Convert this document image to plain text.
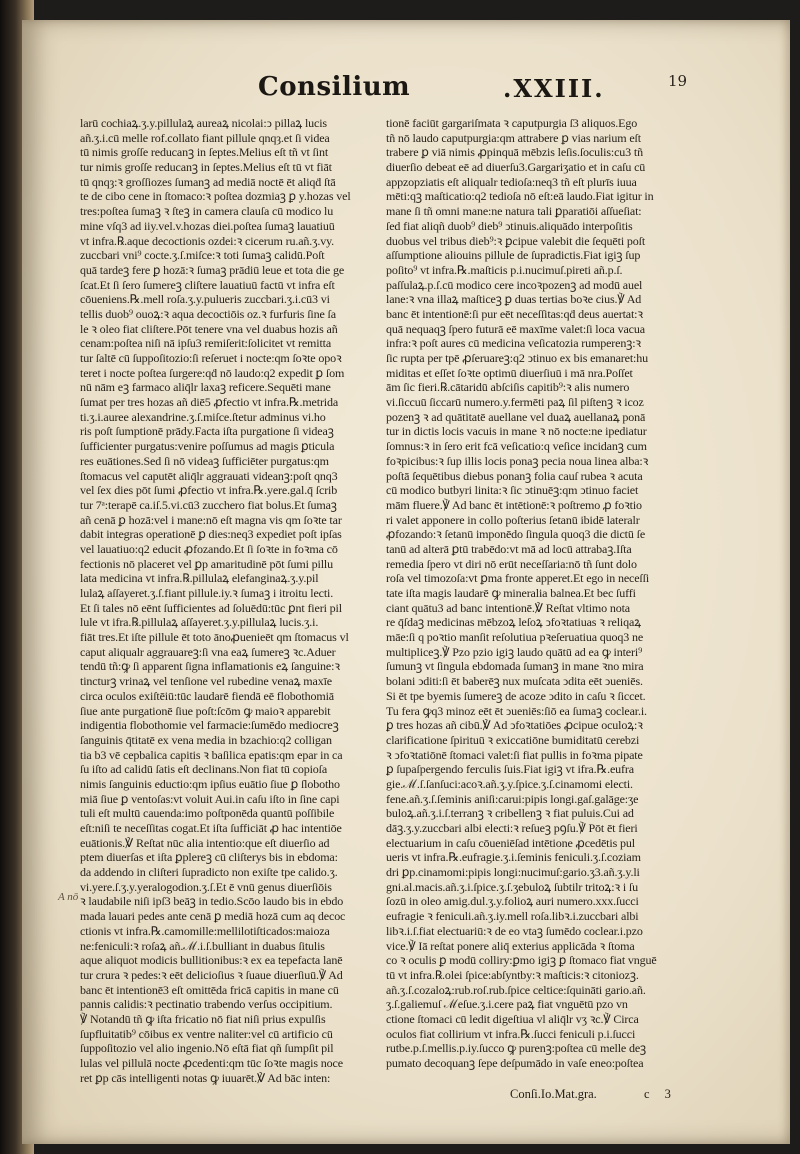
Consilium	.XXIII.	19
A nō
larū cochiaꝝ.ʒ.y.pillulaꝝ aureaꝝ nicolai:ↄ pillaꝝ lucis
añ.ʒ.i.cū melle rof.collato fiant pillule qnqȝ.et ſi videa
tū nimis groſſe reducanꝫ in ſeptes.Melius eſt tñ vt ſint
tur nimis groſſe reducanꝫ in ſeptes.Melius eſt tū vt fiāt
tū qnqȝ:ꝛ groſſiozes ſumanꝫ ad mediā noctē ēt aliqḋ ſtā
te de cibo cene in ſtomaco:ꝛ poſtea dozmiaꝫ ꝑ y.hozas vel
tres:poſtea ſumaꝫ ꝛ ſteꝫ in camera clauſa cū modico lu
mine vſq3 ad iiy.vel.v.hozas diei.poſtea ſumaꝫ lauatiuū
vt infra.℞.aque decoctionis ozdei:ꝛ cicerum ru.añ.ʒ.vy.
zuccbari vni⁹ cocte.ʒ.ſ.miſce:ꝛ toti ſumaꝫ calidū.Poſt
quā tardeꝫ fere ꝑ hozā:ꝛ ſumaꝫ prādiū leue et tota die ge
ſcat.Et ſi ſero ſumereꝫ cliſtere lauatiuū factū vt infra eſt
cōueniens.℞.mell roſa.ʒ.y.pulueris zuccbari.ʒ.i.cū3 vi
tellis duob⁹ ouoꝝ:ꝛ aqua decoctiōis oz.ꝛ furfuris ſine ſa
le ꝛ oleo fiat cliſtere.Pōt tenere vna vel duabus hozis añ
cenam:poſtea niſi nā ipſu3 remiſerit:ſolicitet vt remitta
tur ſaltē cū ſuppoſitozio:ſi reſeruet i nocte:qm ſoꝛte opoꝛ
teret i nocte poſtea ſurgere:qḋ nō laudo:q2 expedit ꝑ ſom
nū nām eꝫ farmaco aliq̄lr laxaꝫ reficere.Sequēti mane
ſumat per tres hozas añ diē5 ꝓfectio vt infra.℞.metrida
ti.ʒ.i.auree alexandrine.ʒ.ſ.miſce.ſtetur adminus vi.ho
ris poſt ſumptionē prādy.Facta iſta purgatione ſi videaꝫ
ſufficienter purgatus:venire poſſumus ad magis ꝑticula
res euātiones.Sed ſi nō videaꝫ ſufficiēter purgatus:qm
ſtomacus vel caputēt aliq̄lr aggrauati videanꝫ:poſt qnq3
vel ſex dies pōt ſumi ꝓfectio vt infra.℞.yere.gal.q̄ ſcrib
tur 7ᵃ:terapē ca.iſ.5.vi.cū3 zucchero fiat bolus.Et ſumaꝫ
añ cenā ꝑ hozā:vel i mane:nō eſt magna vis qm ſoꝛte tar
dabit integras operationē ꝑ dies:neq3 expediet poſt ipſas
vel lauatiuo:q2 educit ꝓfozando.Et ſi ſoꝛte in foꝛma cō
fectionis nō placeret vel ꝑp amaritudinē pōt ſumi pillu
lata medicina vt infra.℞.pillulaꝝ elefanginaꝝ.ʒ.y.pil
lulaꝝ aſſayeret.ʒ.ſ.fiant pillule.iy.ꝛ ſumaꝫ i itroitu lecti.
Et ſi tales nō eēnt ſufficientes ad ſoluēdū:tūc ꝑnt fieri pil
lule vt ifra.℞.pillulaꝝ aſſayeret.ʒ.y.pillulaꝝ lucis.ʒ.i.
fiāt tres.Et iſte pillule ēt toto ānoꝓuenieēt qm ſtomacus vl
caput aliqualr aggrauareꝫ:ſi vna eaꝝ ſumereꝫ ꝛc.Aduer
tendū tñ:ꝙ ſi apparent ſigna inflamationis eꝝ ſanguine:ꝛ
tincturꝫ vrinaꝝ vel tenſione vel rubedine venaꝝ maxīe
circa oculos exiſtēiū:tūc laudarē fiendā eē flobothomiā
ſiue ante purgationē ſiue poſt:ſcōm ꝙ maioꝛ apparebit
indigentia flobothomie vel farmacie:ſumēdo mediocreꝫ
ſanguinis q̄titatē ex vena media in bzachio:q2 colligan
tia b3 vē cepbalica capitis ꝛ baſilica epatis:qm epar in ca
ſu iſto ad calidū ſatis eſt declinans.Non fiat tū copioſa
nimis ſanguinis eductio:qm ipſius euātio ſiue ꝑ ſlobotho
miā ſiue ꝑ ventoſas:vt voluit Aui.in caſu iſto in ſine capi
tuli eſt multū cauenda:imo poſtponēda quantū poſſibile
eſt:niſi te neceſſitas cogat.Et iſta ſufficiāt ꝓ hac intentiōe
euātionis.℣ Reſtat nūc alia intentio:que eſt diuerſio ad
ptem diuerſas et iſta ꝑplereꝫ cū cliſterys bis in ebdoma:
da addendo in cliſteri ſupradicto non exiſte tpe calido.ʒ.
vi.yere.ſ.ʒ.y.yeralogodion.ʒ.ſ.Et ē vnū genus diuerſiōis
ꝛ laudabile niſi ipſ3 beāꝫ in tedio.Scōo laudo bis in ebdo
mada lauari pedes ante cenā ꝑ mediā hozā cum aq decoc
ctionis vt infra.℞.camomille:mellilotiſticados:maioza
ne:feniculi:ꝛ roſaꝝ añ.ℳ.i.ſ.bulliant in duabus ſitulis
aque aliquot modicis bullitionibus:ꝛ ex ea tepefacta lanē
tur crura ꝛ pedes:ꝛ eēt delicioſius ꝛ ſuaue diuerſiuū.℣ Ad
banc ēt intentionē3 eſt omittēda fricā capitis in mane cū
pannis calidis:ꝛ pectinatio trabendo verſus occipitium.
℣ Notandū tñ ꝙ iſta fricatio nō fiat niſi prius expulſis
ſupfluitatib⁹ cōibus ex ventre naliter:vel cū artificio cū
ſuppoſitozio vel alio ingenio.Nō eſtā fiat qñ ſumpſit pil
lulas vel pillulā nocte ꝓcedenti:qm tūc ſoꝛte magis noce
ret ꝑp cās intelligenti notas ꝙ iuuarēt.℣ Ad bāc inten:
tionē faciūt gargariſmata ꝛ caputpurgia ſ3 aliquos.Ego
tñ nō laudo caputpurgia:qm attrabere ꝑ vias narium eſt
trabere ꝑ viā nimis ꝓpinquā mēbzis leſis.ſoculis:cu3 tñ
diuerſio debeat eē ad diuerſu3.Gargariʒatio et in caſu cū
appzopziatis eſt aliqualr tedioſa:neq3 tñ eſt plurīs iuua
mēti:qꝫ maſticatio:q2 tedioſa nō eſt:eā laudo.Fiat igitur in
mane ſi tñ omni mane:ne natura tali ꝑparatiōi aſſueſiat:
ſed fiat aliqñ duob⁹ dieb⁹ ↄtinuis.aliquādo interpoſitis
duobus vel tribus dieb⁹:ꝛ ꝑcipue valebit die ſequēti poſt
aſſumptione aliouins pillule de ſupradictis.Fiat igiꝫ ſup
poſito⁹ vt infra.℞.maſticis p.i.nucimuſ.pireti añ.p.ſ.
paſſulaꝝ.p.ſ.cū modico cere incoꝛpozenꝫ ad modū auel
lane:ꝛ vna illaꝝ maſticeꝫ ꝑ duas tertias boꝛe cius.℣ Ad
banc ēt intentionē:ſi pur eēt neceſſitas:qḋ deus auertat:ꝛ
quā nequaqꝫ ſpero futurā eē maxīme valet:ſi loca vacua
infra:ꝛ poſt aures cū medicina veſicatozia rumperenꝫ:ꝛ
ſic rupta per tpē ꝓſeruareꝫ:q2 ↄtinuo ex bis emanaret:hu
miditas et eſſet ſoꝛte optimū diuerſiuū i mā nra.Poſſet
ām ſic fieri.℞.cātaridū abſciſis capitib⁹:ꝛ alis numero
vi.ſiccuū ſiccarū numero.y.fermēti paꝝ ſil piſtenꝫ ꝛ icoz
pozenꝫ ꝛ ad quātitatē auellane vel duaꝝ auellanaꝝ ponā
tur in dictis locis vacuis in mane ꝛ nō nocte:ne ipediatur
ſomnus:ꝛ in ſero erit fcā veſicatio:q veſice incidanꝫ cum
foꝛpicibus:ꝛ ſup illis locis ponaꝫ pecia noua linea alba:ꝛ
poſtā ſequētibus diebus ponanꝫ folia cauſ rubea ꝛ acuta
cū modico butbyri linita:ꝛ ſic ↄtinuēꝫ:qm ↄtinuo faciet
mām fluere.℣ Ad banc ēt intētionē:ꝛ poſtremo ꝓ foꝛtio
ri valet apponere in collo poſterius ſetanū ibidē lateralr
ꝓfozando:ꝛ ſetanū imponēdo ſingula quoq3 die dictū ſe
tanū ad alterā ꝑtū trabēdo:vt mā ad locū attrabaꝫ.Iſta
remedia ſpero vt diri nō erūt neceſſaria:nō tñ ſunt dolo
roſa vel timozoſa:vt ꝑma fronte apperet.Et ego in neceſſi
tate iſta magis laudarē ꝙ mineralia balnea.Et bec ſuffi
ciant quātu3 ad banc intentionē.℣ Reſtat vltimo nota
re q̄ſdaꝫ medicinas mēbzoꝝ leſoꝝ ↄfoꝛtatiuas ꝛ reliqaꝝ
māe:ſi q poꝛtio manſit reſolutiua pꝛeſeruatiua quoq3 ne
multipliceꝫ.℣ Pzo pzio igiꝫ laudo quātū ad ea ꝙ interi⁹
ſumunꝫ vt ſingula ebdomada ſumanꝫ in mane ꝛno mira
bolani ↄditi:ſi ēt baberēꝫ nux muſcata ↄdita eēt ↄueniēs.
Si ēt tpe byemis ſumereꝫ de acoze ↄdito in caſu ꝛ ſiccet.
Tu fera ꝙq3 minoz eēt ēt ↄueniēs:ſiō ea ſumaꝫ coclear.i.
ꝑ tres hozas añ cibū.℣ Ad ↄfoꝛtatiōes ꝓcipue oculoꝝ:ꝛ
clarificatione ſpirituū ꝛ exiccatiōne bumiditatū cerebzi
ꝛ ↄfoꝛtatiōnē ſtomaci valet:ſi fiat pullis in foꝛma pipate
ꝑ ſupaſpergendo ferculis ſuis.Fiat igiꝫ vt ifra.℞.eufra
gie.ℳ.ſ.ſanſuci:acoꝛ.añ.ʒ.y.ſpice.ʒ.ſ.cinamomi electi.
fene.añ.ʒ.ſ.ſeminis aniſi:carui:pipis longi.gaſ.galāge:ʒe
buloꝝ.añ.ʒ.i.ſ.terranꝫ ꝛ cribellenꝫ ꝛ fiat puluis.Cui ad
dāꝫ.ʒ.y.zuccbari albi electi:ꝛ reſueꝫ pꝯſu.℣ Pōt ēt fieri
electuarium in caſu cōueniēſad intētione ꝓcedētis pul
ueris vt infra.℞.eufragie.ʒ.i.ſeminis feniculi.ʒ.ſ.coziam
dri ꝑp.cinamomi:pipis longi:nucimuſ:gario.ʒ3.añ.ʒ.y.li
gni.al.macis.añ.ʒ.i.ſpice.ʒ.ſ.ʒebuloꝝ ſubtilr tritoꝝ:ꝛ i ſu
ſozū in oleo amig.dul.ʒ.y.folioꝝ auri numero.xxx.ſucci
eufragie ꝛ feniculi.añ.ʒ.iy.mell roſa.libꝛ.i.zuccbari albi
libꝛ.i.ſ.fiat electuariū:ꝛ de eo vtaꝫ ſumēdo coclear.i.pzo
vice.℣ Iā reſtat ponere aliq̄ exterius applicāda ꝛ ſtoma
co ꝛ oculis ꝑ modū colliry:ꝑmo igiꝫ ꝑ ſtomaco fiat vnguē
tū vt infra.℞.olei ſpice:abſyntby:ꝛ maſticis:ꝛ citoniozꝫ.
añ.ʒ.ſ.cozaloꝝ:rub.roſ.rub.ſpice celtice:ſquināti gario.añ.
ʒ.ſ.galiemuſ ℳeſue.ʒ.i.cere paꝝ fiat vnguētū pzo vn
ctione ſtomaci cū ledit digeſtiua vl aliq̄lr vʒ ꝛc.℣ Circa
oculos fiat collirium vt infra.℞.ſucci feniculi p.i.ſucci
rutbe.p.ſ.mellis.p.iy.ſucco ꝙ purenꝫ:poſtea cū melle deꝫ
pumato decoquanꝫ ſepe deſpumādo in vaſe eneo:poſtea
Conſi.Io.Mat.gra.	c 3
